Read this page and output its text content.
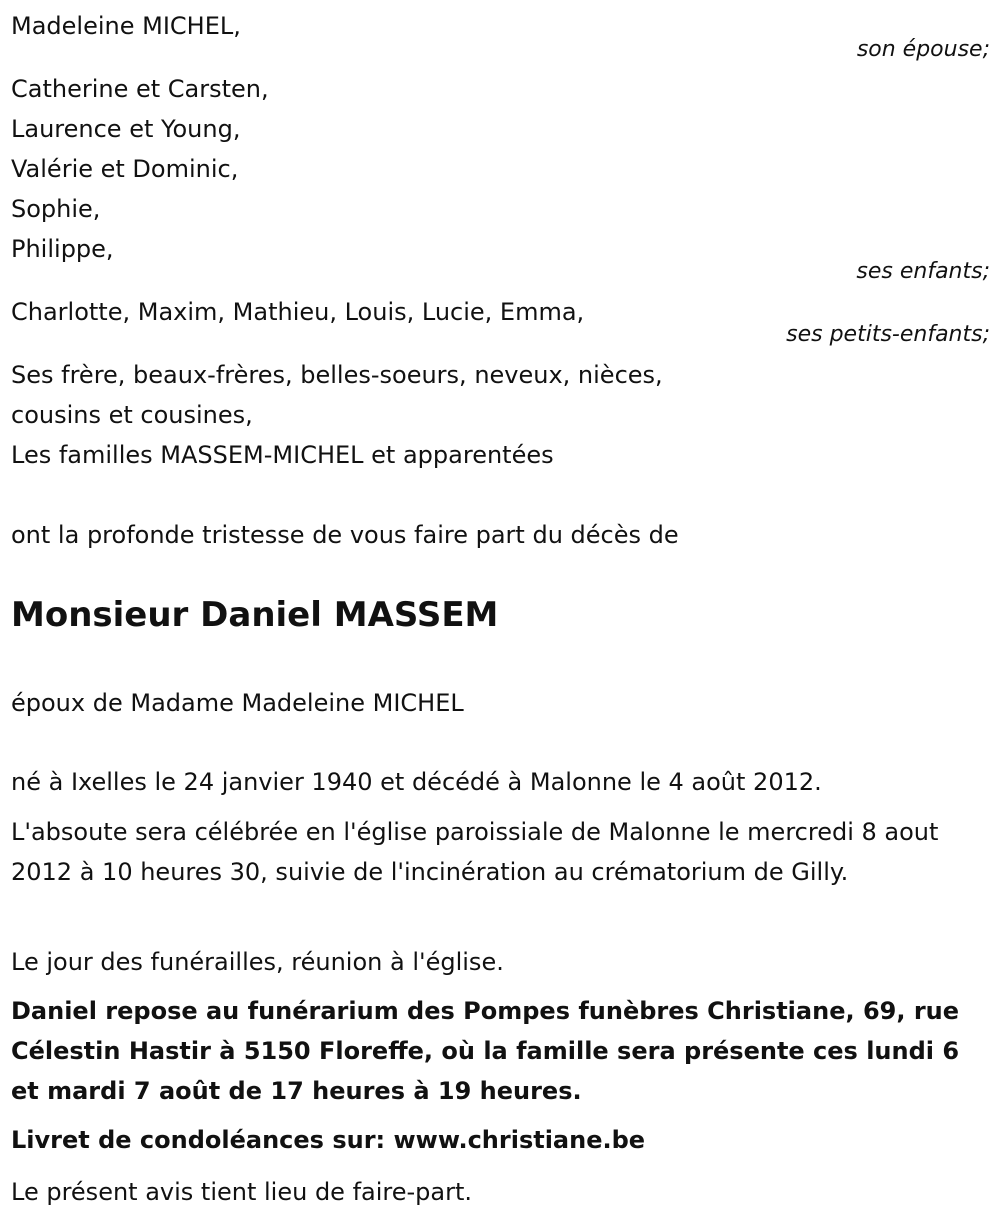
Madeleine MICHEL,
son épouse;
Catherine et Carsten,
Laurence et Young,
Valérie et Dominic,
Sophie,
Philippe,
ses enfants;
Charlotte, Maxim, Mathieu, Louis, Lucie, Emma,
ses petits-enfants;
Ses frère, beaux-frères, belles-soeurs, neveux, nièces,
cousins et cousines,
Les familles MASSEM-MICHEL et apparentées
ont la profonde tristesse de vous faire part du décès de
Monsieur Daniel MASSEM
époux de Madame Madeleine MICHEL
né à Ixelles le 24 janvier 1940 et décédé à Malonne le 4 août 2012.
L'absoute sera célébrée en l'église paroissiale de Malonne le mercredi 8 aout 2012 à 10 heures 30, suivie de l'incinération au crématorium de Gilly.
Le jour des funérailles, réunion à l'église.
Daniel repose au funérarium des Pompes funèbres Christiane, 69, rue Célestin Hastir à 5150 Floreffe, où la famille sera présente ces lundi 6 et mardi 7 août de 17 heures à 19 heures.
Livret de condoléances sur: www.christiane.be
Le présent avis tient lieu de faire-part.
